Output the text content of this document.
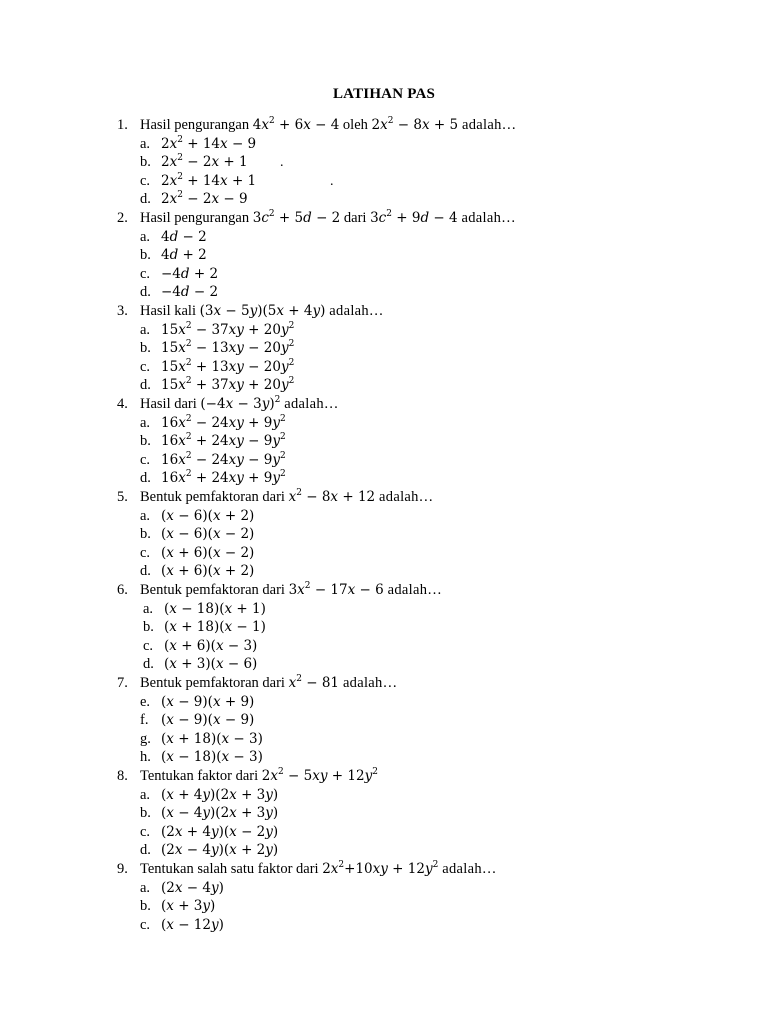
LATIHAN PAS
1. Hasil pengurangan $4x^2 + 6x - 4$ oleh $2x^2 - 8x + 5$ adalah…
a. $2x^2 + 14x - 9$
b. $2x^2 - 2x + 1$ .
c. $2x^2 + 14x + 1$	.
d. $2x^2 - 2x - 9$
2. Hasil pengurangan $3c^2 + 5d - 2$ dari $3c^2 + 9d - 4$ adalah…
a. 4d − 2
b. 4d + 2
c. −4d + 2
d. −4d − 2
3. Hasil kali (3x − 5y)(5x + 4y) adalah…
a. $15x^2 - 37xy + 20y^2$
b. $15x^2 - 13xy - 20y^2$
c. $15x^2 + 13xy - 20y^2$
d. $15x^2 + 37xy + 20y^2$
4. Hasil dari $(-4x - 3y)^2$ adalah…
a. $16x^2 - 24xy + 9y^2$
b. $16x^2 + 24xy - 9y^2$
c. $16x^2 - 24xy - 9y^2$
d. $16x^2 + 24xy + 9y^2$
5. Bentuk pemfaktoran dari $x^2 - 8x + 12$ adalah…
a. (x − 6)(x + 2)
b. (x − 6)(x − 2)
c. (x + 6)(x − 2)
d. (x + 6)(x + 2)
6. Bentuk pemfaktoran dari $3x^2 - 17x - 6$ adalah…
a. (x − 18)(x + 1)
b. (x + 18)(x − 1)
c. (x + 6)(x − 3)
d. (x + 3)(x − 6)
7. Bentuk pemfaktoran dari $x^2 - 81$ adalah…
e. (x − 9)(x + 9)
f. (x − 9)(x − 9)
g. (x + 18)(x − 3)
h. (x − 18)(x − 3)
8. Tentukan faktor dari $2x^2 - 5xy + 12y^2$
a. (x + 4y)(2x + 3y)
b. (x − 4y)(2x + 3y)
c. (2x + 4y)(x − 2y)
d. (2x − 4y)(x + 2y)
9. Tentukan salah satu faktor dari $2x^2+10xy + 12y^2$ adalah…
a. (2x − 4y)
b. (x + 3y)
c. (x − 12y)
